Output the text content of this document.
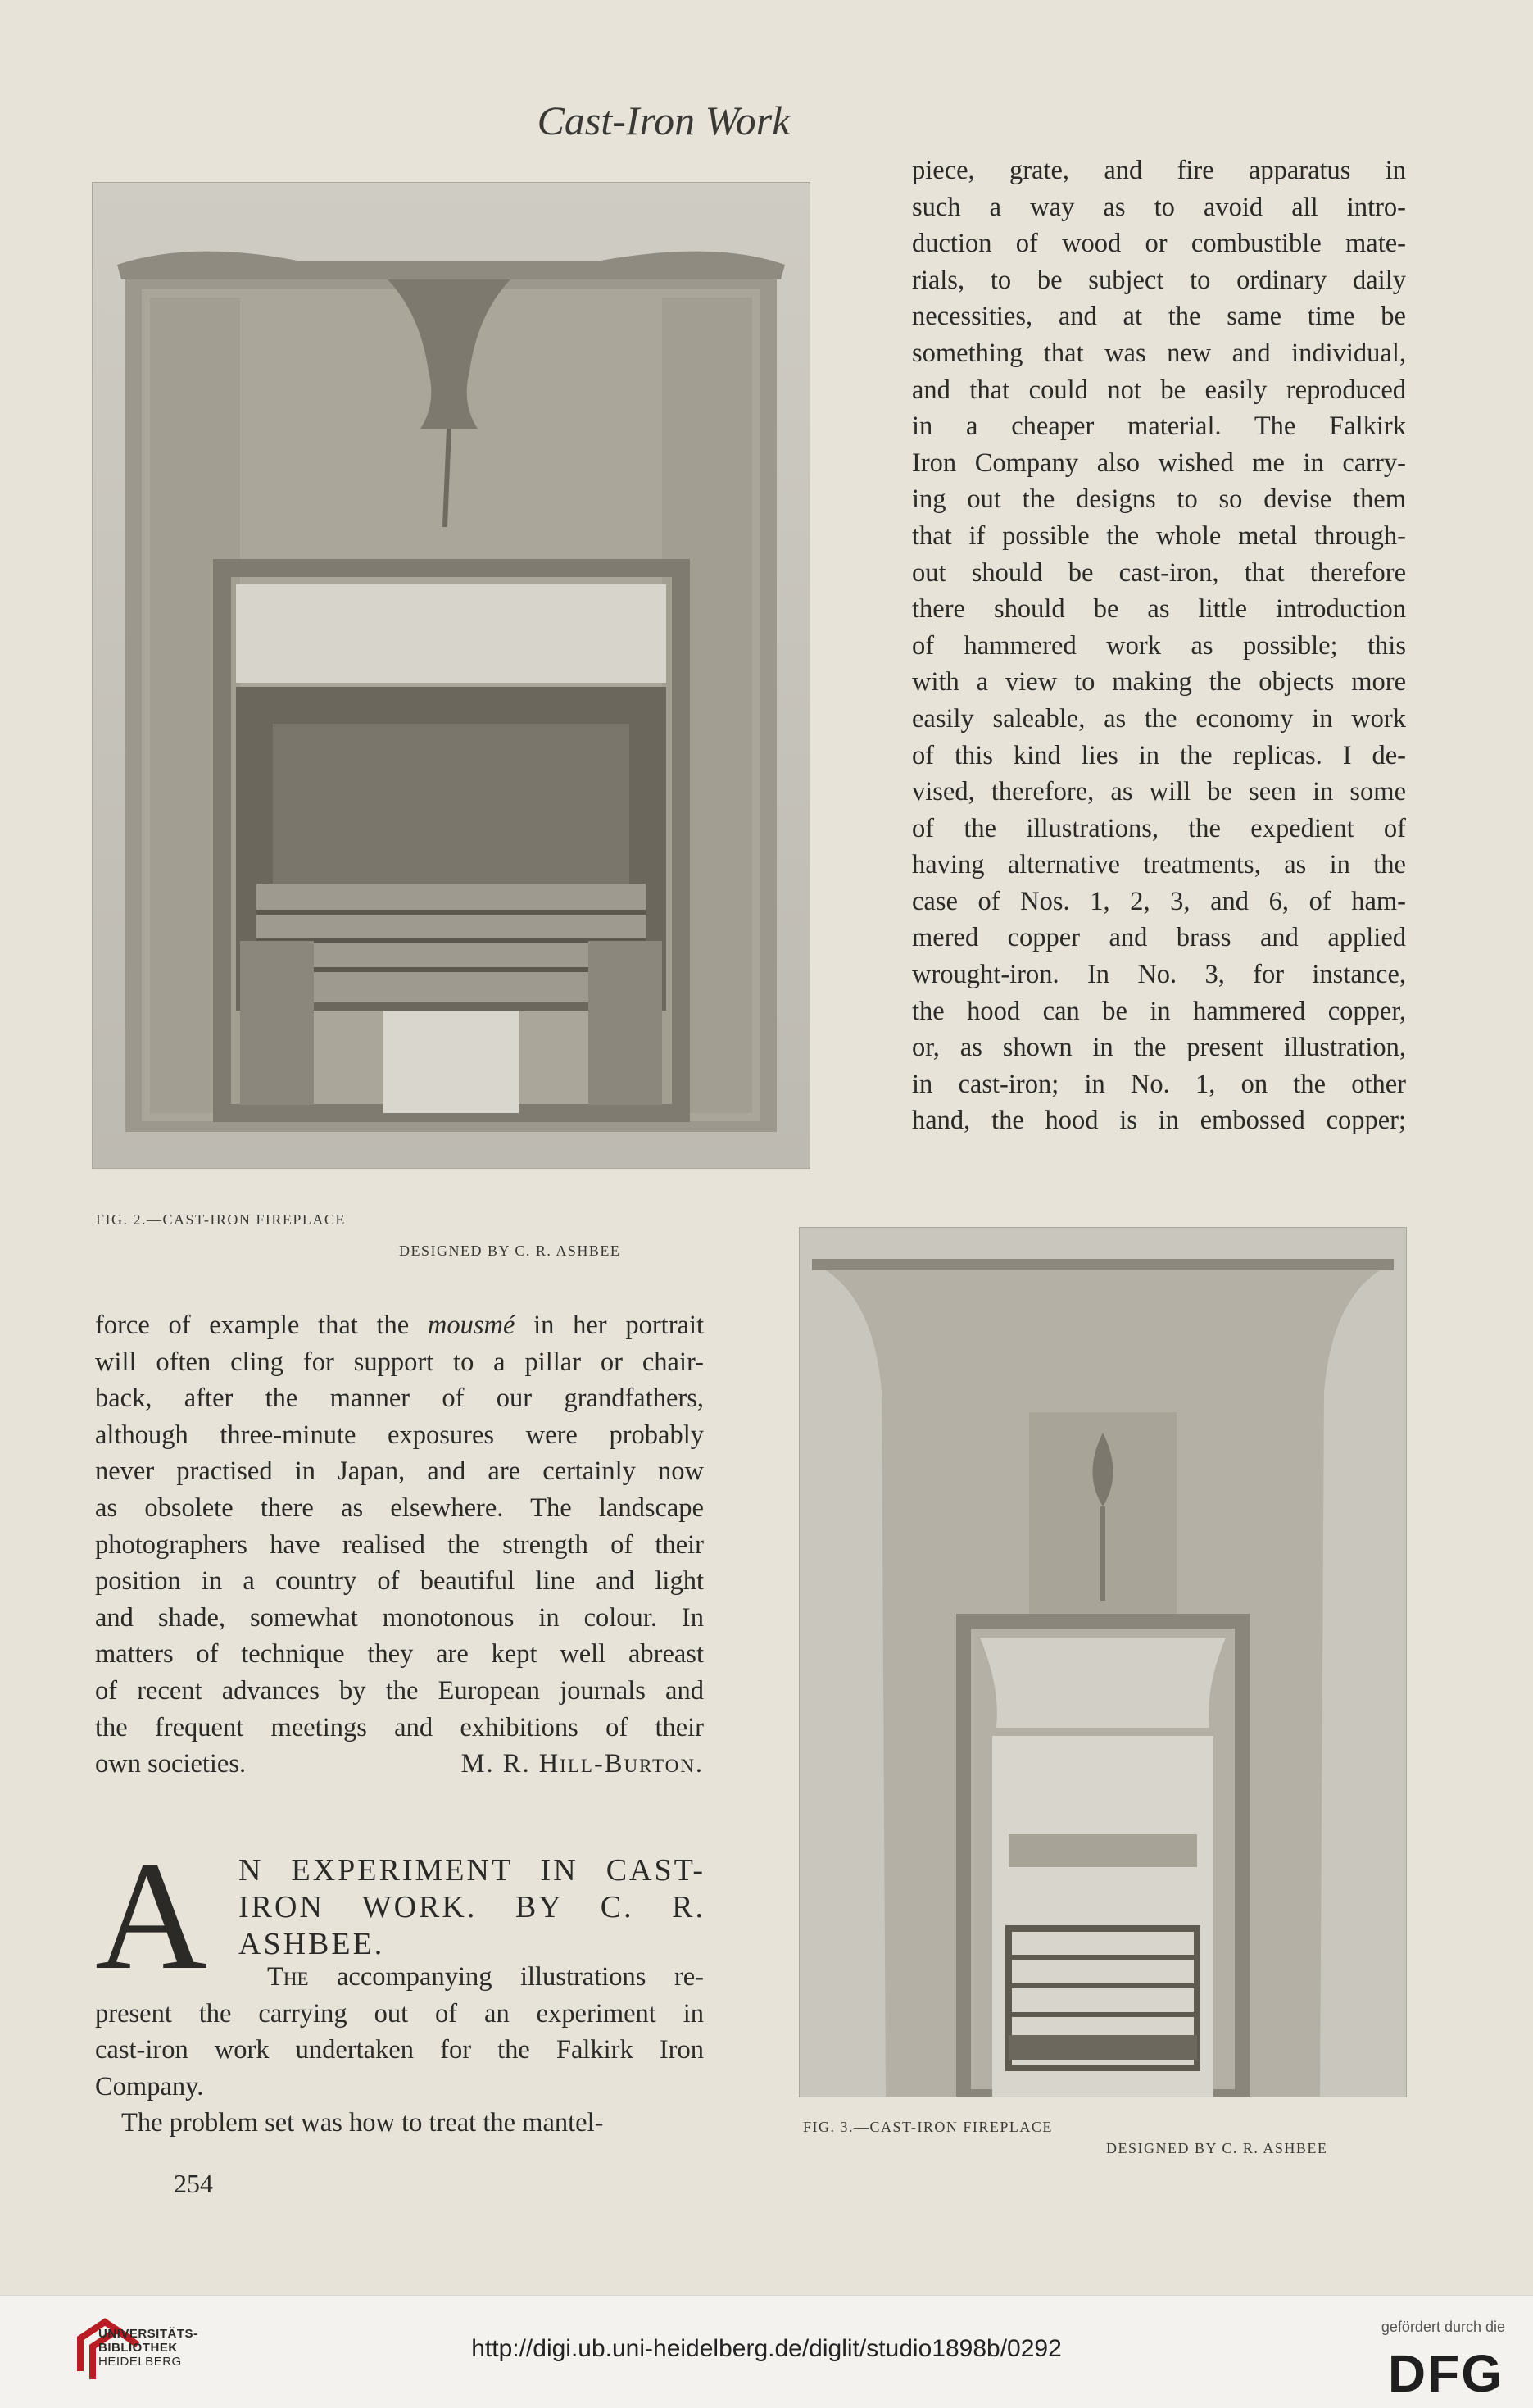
Cast-Iron Work
FIG. 2.—CAST-IRON FIREPLACE
DESIGNED BY C. R. ASHBEE
piece, grate, and fire apparatus in
such a way as to avoid all intro-
duction of wood or combustible mate-
rials, to be subject to ordinary daily
necessities, and at the same time be
something that was new and individual,
and that could not be easily reproduced
in a cheaper material. The Falkirk
Iron Company also wished me in carry-
ing out the designs to so devise them
that if possible the whole metal through-
out should be cast-iron, that therefore
there should be as little introduction
of hammered work as possible; this
with a view to making the objects more
easily saleable, as the economy in work
of this kind lies in the replicas. I de-
vised, therefore, as will be seen in some
of the illustrations, the expedient of
having alternative treatments, as in the
case of Nos. 1, 2, 3, and 6, of ham-
mered copper and brass and applied
wrought-iron. In No. 3, for instance,
the hood can be in hammered copper,
or, as shown in the present illustration,
in cast-iron; in No. 1, on the other
hand, the hood is in embossed copper;
FIG. 3.—CAST-IRON FIREPLACE
DESIGNED BY C. R. ASHBEE
force of example that the mousmé in her portrait
will often cling for support to a pillar or chair-
back, after the manner of our grandfathers,
although three-minute exposures were probably
never practised in Japan, and are certainly now
as obsolete there as elsewhere. The landscape
photographers have realised the strength of their
position in a country of beautiful line and light
and shade, somewhat monotonous in colour. In
matters of technique they are kept well abreast
of recent advances by the European journals and
the frequent meetings and exhibitions of their
own societies.	M. R. Hill-Burton.
A N EXPERIMENT IN CAST-
IRON WORK. BY C. R.
ASHBEE.
The accompanying illustrations re-
present the carrying out of an experiment in
cast-iron work undertaken for the Falkirk Iron
Company.
The problem set was how to treat the mantel-
254
UNIVERSITÄTS-
BIBLIOTHEK
HEIDELBERG	http://digi.ub.uni-heidelberg.de/diglit/studio1898b/0292
gefördert durch die
DFG
